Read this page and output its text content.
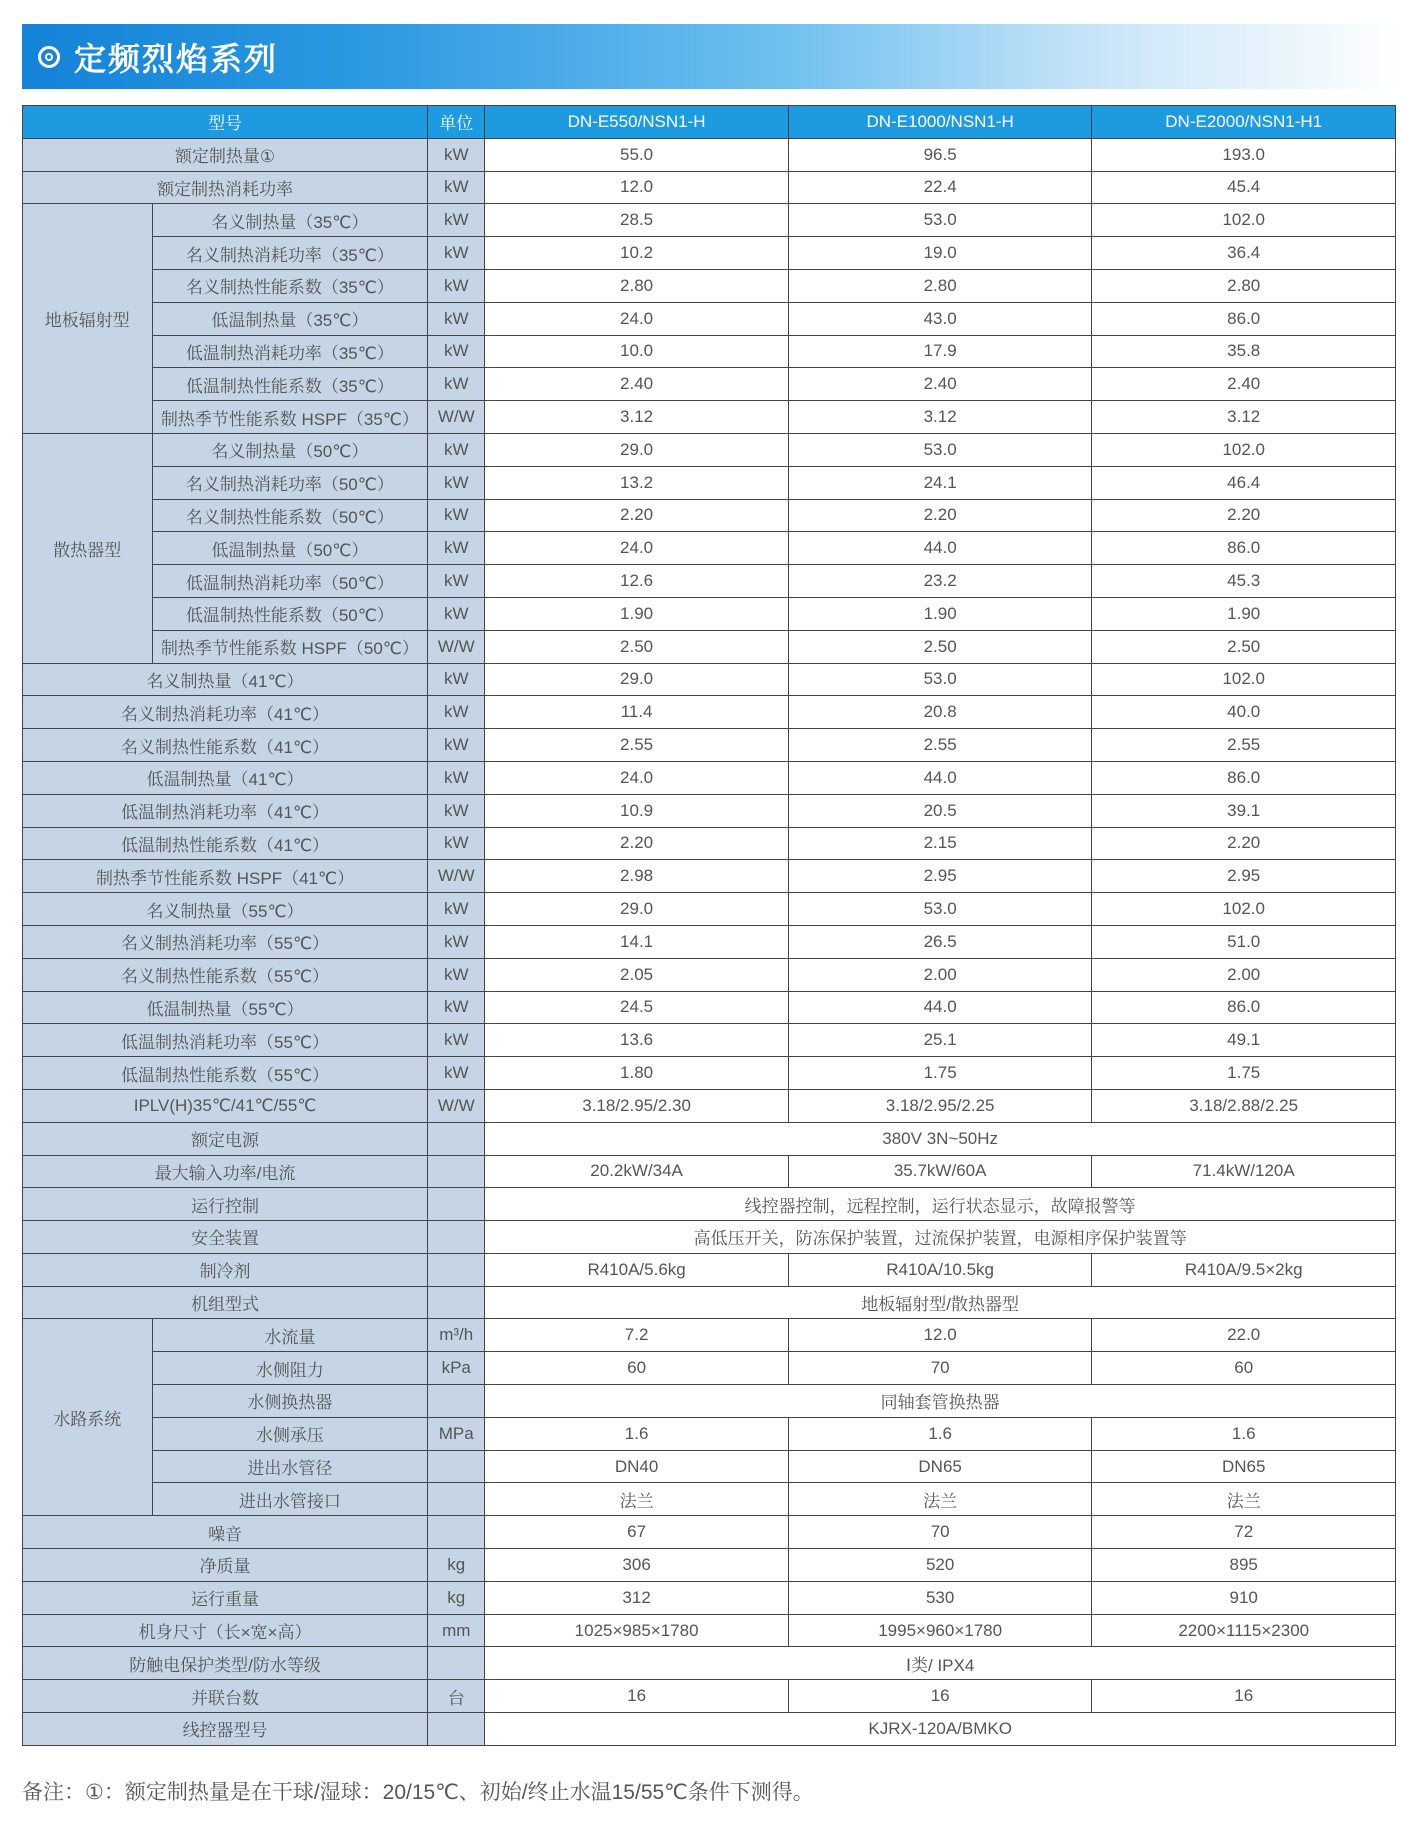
定频烈焰系列
型号		单位	DN-E550/NSN1-H	DN-E1000/NSN1-H	DN-E2000/NSN1-H1
额定制热量①		kW	55.0	96.5	193.0
额定制热消耗功率		kW	12.0	22.4	45.4
地板辐射型	名义制热量（35℃）	kW	28.5	53.0	102.0
	名义制热消耗功率（35℃）	kW	10.2	19.0	36.4
	名义制热性能系数（35℃）	kW	2.80	2.80	2.80
	低温制热量（35℃）	kW	24.0	43.0	86.0
	低温制热消耗功率（35℃）	kW	10.0	17.9	35.8
	低温制热性能系数（35℃）	kW	2.40	2.40	2.40
	制热季节性能系数 HSPF（35℃）	W/W	3.12	3.12	3.12
散热器型	名义制热量（50℃）	kW	29.0	53.0	102.0
	名义制热消耗功率（50℃）	kW	13.2	24.1	46.4
	名义制热性能系数（50℃）	kW	2.20	2.20	2.20
	低温制热量（50℃）	kW	24.0	44.0	86.0
	低温制热消耗功率（50℃）	kW	12.6	23.2	45.3
	低温制热性能系数（50℃）	kW	1.90	1.90	1.90
	制热季节性能系数 HSPF（50℃）	W/W	2.50	2.50	2.50
名义制热量（41℃）		kW	29.0	53.0	102.0
名义制热消耗功率（41℃）		kW	11.4	20.8	40.0
名义制热性能系数（41℃）		kW	2.55	2.55	2.55
低温制热量（41℃）		kW	24.0	44.0	86.0
低温制热消耗功率（41℃）		kW	10.9	20.5	39.1
低温制热性能系数（41℃）		kW	2.20	2.15	2.20
制热季节性能系数 HSPF（41℃）		W/W	2.98	2.95	2.95
名义制热量（55℃）		kW	29.0	53.0	102.0
名义制热消耗功率（55℃）		kW	14.1	26.5	51.0
名义制热性能系数（55℃）		kW	2.05	2.00	2.00
低温制热量（55℃）		kW	24.5	44.0	86.0
低温制热消耗功率（55℃）		kW	13.6	25.1	49.1
低温制热性能系数（55℃）		kW	1.80	1.75	1.75
IPLV(H)35℃/41℃/55℃		W/W	3.18/2.95/2.30	3.18/2.95/2.25	3.18/2.88/2.25
额定电源			380V 3N~50Hz		
最大输入功率/电流			20.2kW/34A	35.7kW/60A	71.4kW/120A
运行控制			线控器控制，远程控制，运行状态显示，故障报警等		
安全装置			高低压开关，防冻保护装置，过流保护装置，电源相序保护装置等		
制冷剂			R410A/5.6kg	R410A/10.5kg	R410A/9.5×2kg
机组型式			地板辐射型/散热器型		
水路系统	水流量	m³/h	7.2	12.0	22.0
	水侧阻力	kPa	60	70	60
	水侧换热器		同轴套管换热器		
	水侧承压	MPa	1.6	1.6	1.6
	进出水管径		DN40	DN65	DN65
	进出水管接口		法兰	法兰	法兰
噪音			67	70	72
净质量		kg	306	520	895
运行重量		kg	312	530	910
机身尺寸（长×宽×高）		mm	1025×985×1780	1995×960×1780	2200×1115×2300
防触电保护类型/防水等级			Ⅰ类/ IPX4		
并联台数		台	16	16	16
线控器型号			KJRX-120A/BMKO		
备注：①：额定制热量是在干球/湿球：20/15℃、初始/终止水温15/55℃条件下测得。
